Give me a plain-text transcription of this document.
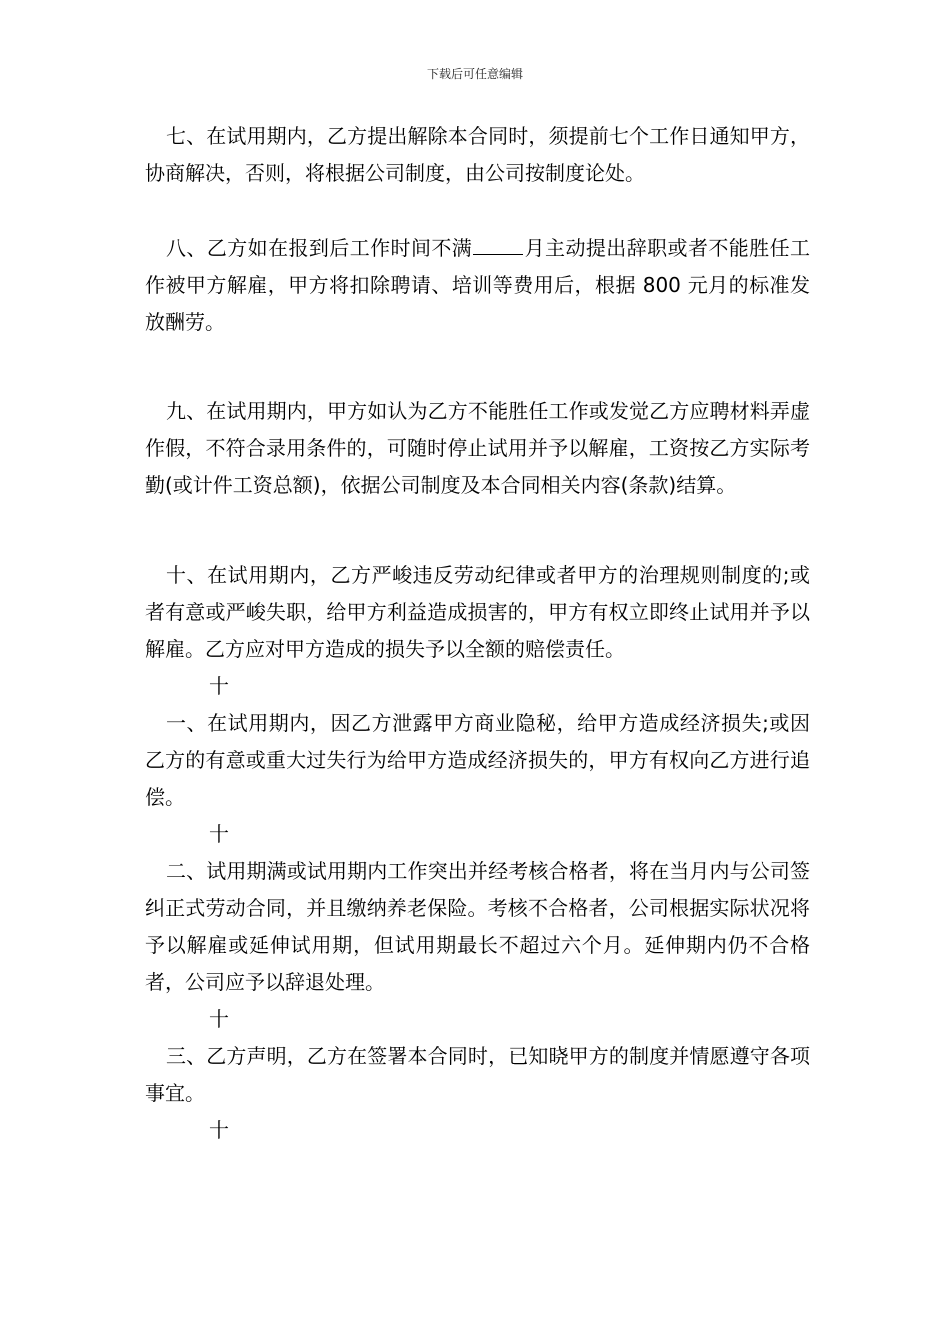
下载后可任意编辑

七、在试用期内，乙方提出解除本合同时，须提前七个工作日通知甲方，协商解决，否则，将根据公司制度，由公司按制度论处。

八、乙方如在报到后工作时间不满	月主动提出辞职或者不能胜任工作被甲方解雇，甲方将扣除聘请、培训等费用后，根据 800 元月的标准发放酬劳。

九、在试用期内，甲方如认为乙方不能胜任工作或发觉乙方应聘材料弄虚作假，不符合录用条件的，可随时停止试用并予以解雇，工资按乙方实际考勤(或计件工资总额)，依据公司制度及本合同相关内容(条款)结算。

十、在试用期内，乙方严峻违反劳动纪律或者甲方的治理规则制度的;或者有意或严峻失职，给甲方利益造成损害的，甲方有权立即终止试用并予以解雇。乙方应对甲方造成的损失予以全额的赔偿责任。

十

一、在试用期内，因乙方泄露甲方商业隐秘，给甲方造成经济损失;或因乙方的有意或重大过失行为给甲方造成经济损失的，甲方有权向乙方进行追偿。

十

二、试用期满或试用期内工作突出并经考核合格者，将在当月内与公司签纠正式劳动合同，并且缴纳养老保险。考核不合格者，公司根据实际状况将予以解雇或延伸试用期，但试用期最长不超过六个月。延伸期内仍不合格者，公司应予以辞退处理。

十

三、乙方声明，乙方在签署本合同时，已知晓甲方的制度并情愿遵守各项事宜。

十
